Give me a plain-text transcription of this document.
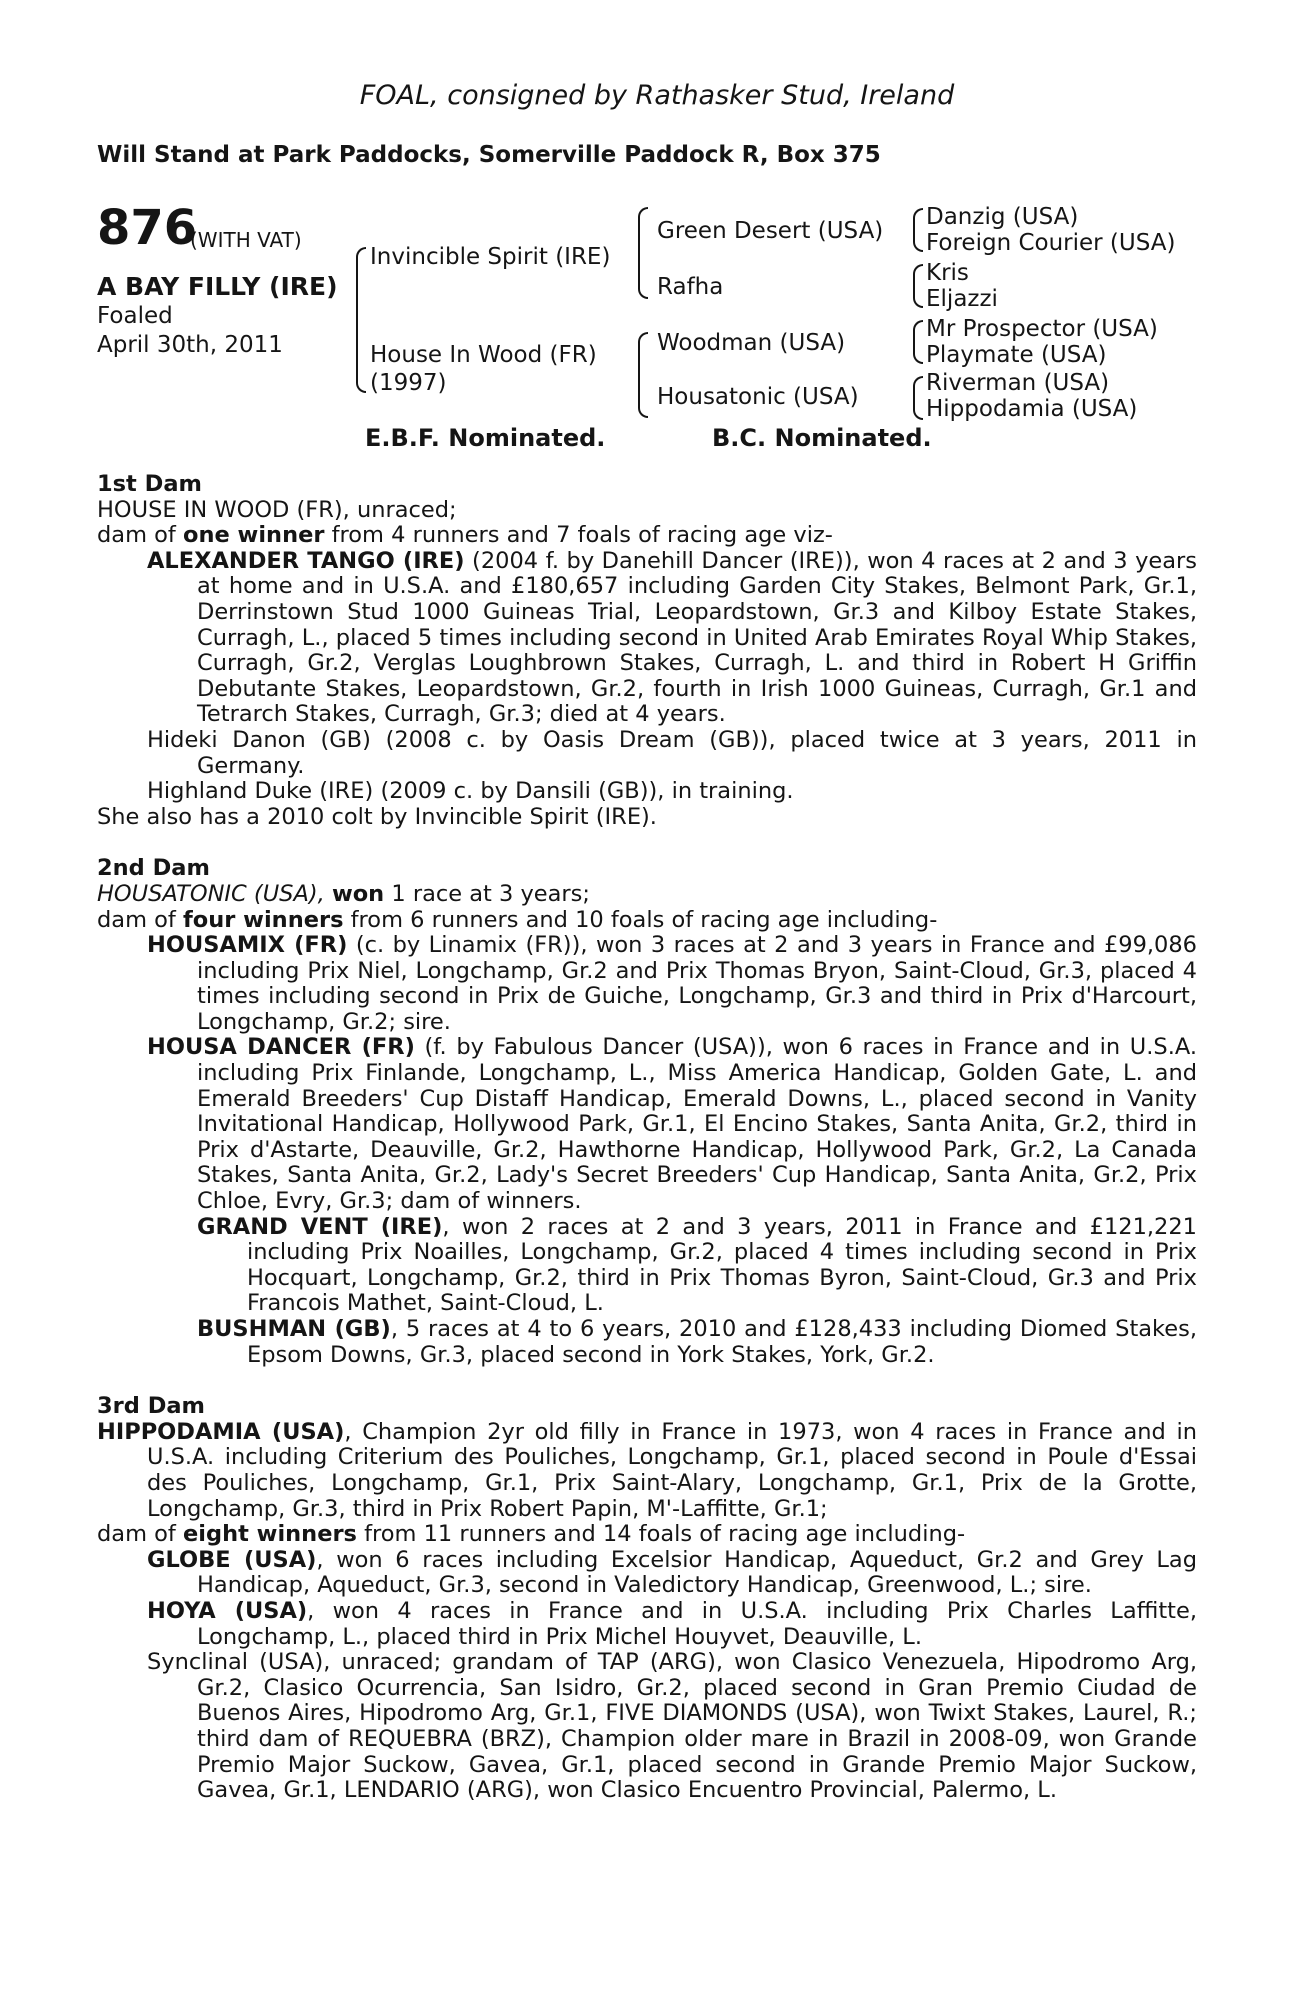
FOAL, consigned by Rathasker Stud, Ireland
Will Stand at Park Paddocks, Somerville Paddock R, Box 375
876
(WITH VAT)
A BAY FILLY (IRE)
Foaled
April 30th, 2011
Invincible Spirit (IRE)
House In Wood (FR)
(1997)
Green Desert (USA)
Rafha
Woodman (USA)
Housatonic (USA)
Danzig (USA)
Foreign Courier (USA)
Kris
Eljazzi
Mr Prospector (USA)
Playmate (USA)
Riverman (USA)
Hippodamia (USA)
E.B.F. Nominated.	B.C. Nominated.
1st Dam
HOUSE IN WOOD (FR), unraced;
dam of one winner from 4 runners and 7 foals of racing age viz-
ALEXANDER TANGO (IRE) (2004 f. by Danehill Dancer (IRE)), won 4 races at 2 and 3 years at home and in U.S.A. and £180,657 including Garden City Stakes, Belmont Park, Gr.1, Derrinstown Stud 1000 Guineas Trial, Leopardstown, Gr.3 and Kilboy Estate Stakes, Curragh, L., placed 5 times including second in United Arab Emirates Royal Whip Stakes, Curragh, Gr.2, Verglas Loughbrown Stakes, Curragh, L. and third in Robert H Griffin Debutante Stakes, Leopardstown, Gr.2, fourth in Irish 1000 Guineas, Curragh, Gr.1 and Tetrarch Stakes, Curragh, Gr.3; died at 4 years.
Hideki Danon (GB) (2008 c. by Oasis Dream (GB)), placed twice at 3 years, 2011 in Germany.
Highland Duke (IRE) (2009 c. by Dansili (GB)), in training.
She also has a 2010 colt by Invincible Spirit (IRE).
2nd Dam
HOUSATONIC (USA), won 1 race at 3 years;
dam of four winners from 6 runners and 10 foals of racing age including-
HOUSAMIX (FR) (c. by Linamix (FR)), won 3 races at 2 and 3 years in France and £99,086 including Prix Niel, Longchamp, Gr.2 and Prix Thomas Bryon, Saint-Cloud, Gr.3, placed 4 times including second in Prix de Guiche, Longchamp, Gr.3 and third in Prix d'Harcourt, Longchamp, Gr.2; sire.
HOUSA DANCER (FR) (f. by Fabulous Dancer (USA)), won 6 races in France and in U.S.A. including Prix Finlande, Longchamp, L., Miss America Handicap, Golden Gate, L. and Emerald Breeders' Cup Distaff Handicap, Emerald Downs, L., placed second in Vanity Invitational Handicap, Hollywood Park, Gr.1, El Encino Stakes, Santa Anita, Gr.2, third in Prix d'Astarte, Deauville, Gr.2, Hawthorne Handicap, Hollywood Park, Gr.2, La Canada Stakes, Santa Anita, Gr.2, Lady's Secret Breeders' Cup Handicap, Santa Anita, Gr.2, Prix Chloe, Evry, Gr.3; dam of winners.
GRAND VENT (IRE), won 2 races at 2 and 3 years, 2011 in France and £121,221 including Prix Noailles, Longchamp, Gr.2, placed 4 times including second in Prix Hocquart, Longchamp, Gr.2, third in Prix Thomas Byron, Saint-Cloud, Gr.3 and Prix Francois Mathet, Saint-Cloud, L.
BUSHMAN (GB), 5 races at 4 to 6 years, 2010 and £128,433 including Diomed Stakes, Epsom Downs, Gr.3, placed second in York Stakes, York, Gr.2.
3rd Dam
HIPPODAMIA (USA), Champion 2yr old filly in France in 1973, won 4 races in France and in U.S.A. including Criterium des Pouliches, Longchamp, Gr.1, placed second in Poule d'Essai des Pouliches, Longchamp, Gr.1, Prix Saint-Alary, Longchamp, Gr.1, Prix de la Grotte, Longchamp, Gr.3, third in Prix Robert Papin, M'-Laffitte, Gr.1;
dam of eight winners from 11 runners and 14 foals of racing age including-
GLOBE (USA), won 6 races including Excelsior Handicap, Aqueduct, Gr.2 and Grey Lag Handicap, Aqueduct, Gr.3, second in Valedictory Handicap, Greenwood, L.; sire.
HOYA (USA), won 4 races in France and in U.S.A. including Prix Charles Laffitte, Longchamp, L., placed third in Prix Michel Houyvet, Deauville, L.
Synclinal (USA), unraced; grandam of TAP (ARG), won Clasico Venezuela, Hipodromo Arg, Gr.2, Clasico Ocurrencia, San Isidro, Gr.2, placed second in Gran Premio Ciudad de Buenos Aires, Hipodromo Arg, Gr.1, FIVE DIAMONDS (USA), won Twixt Stakes, Laurel, R.; third dam of REQUEBRA (BRZ), Champion older mare in Brazil in 2008-09, won Grande Premio Major Suckow, Gavea, Gr.1, placed second in Grande Premio Major Suckow, Gavea, Gr.1, LENDARIO (ARG), won Clasico Encuentro Provincial, Palermo, L.
